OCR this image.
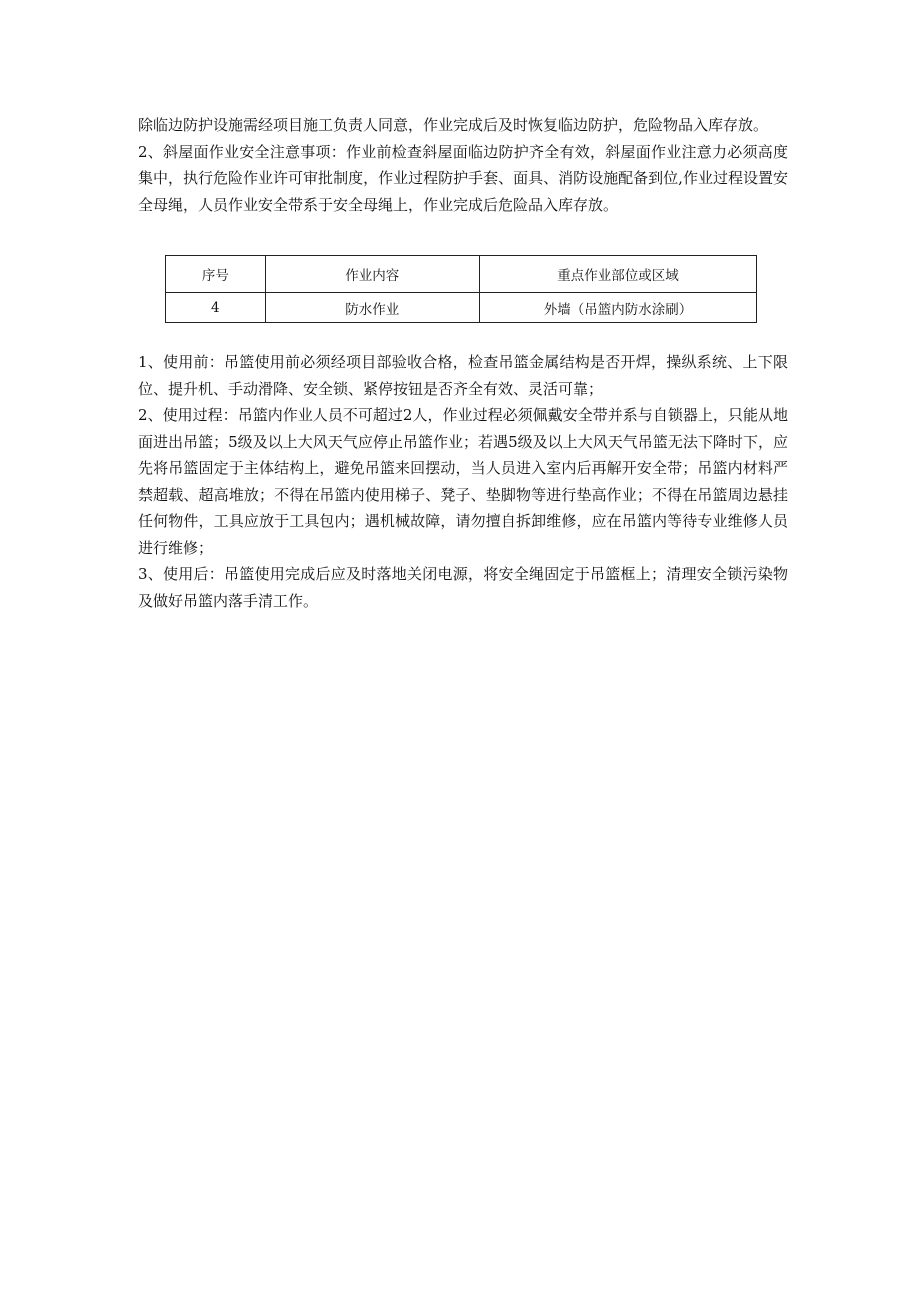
除临边防护设施需经项目施工负责人同意，作业完成后及时恢复临边防护，危险物品入库存放。

2、斜屋面作业安全注意事项：作业前检查斜屋面临边防护齐全有效，斜屋面作业注意力必须高度集中，执行危险作业许可审批制度，作业过程防护手套、面具、消防设施配备到位,作业过程设置安全母绳，人员作业安全带系于安全母绳上，作业完成后危险品入库存放。

序号	作业内容	重点作业部位或区域
4	防水作业	外墙（吊篮内防水涂刷）

1、使用前：吊篮使用前必须经项目部验收合格，检查吊篮金属结构是否开焊，操纵系统、上下限位、提升机、手动滑降、安全锁、紧停按钮是否齐全有效、灵活可靠；

2、使用过程：吊篮内作业人员不可超过2人，作业过程必须佩戴安全带并系与自锁器上，只能从地面进出吊篮；5级及以上大风天气应停止吊篮作业；若遇5级及以上大风天气吊篮无法下降时下，应先将吊篮固定于主体结构上，避免吊篮来回摆动，当人员进入室内后再解开安全带；吊篮内材料严禁超载、超高堆放；不得在吊篮内使用梯子、凳子、垫脚物等进行垫高作业；不得在吊篮周边悬挂任何物件，工具应放于工具包内；遇机械故障，请勿擅自拆卸维修，应在吊篮内等待专业维修人员进行维修；

3、使用后：吊篮使用完成后应及时落地关闭电源，将安全绳固定于吊篮框上；清理安全锁污染物及做好吊篮内落手清工作。
